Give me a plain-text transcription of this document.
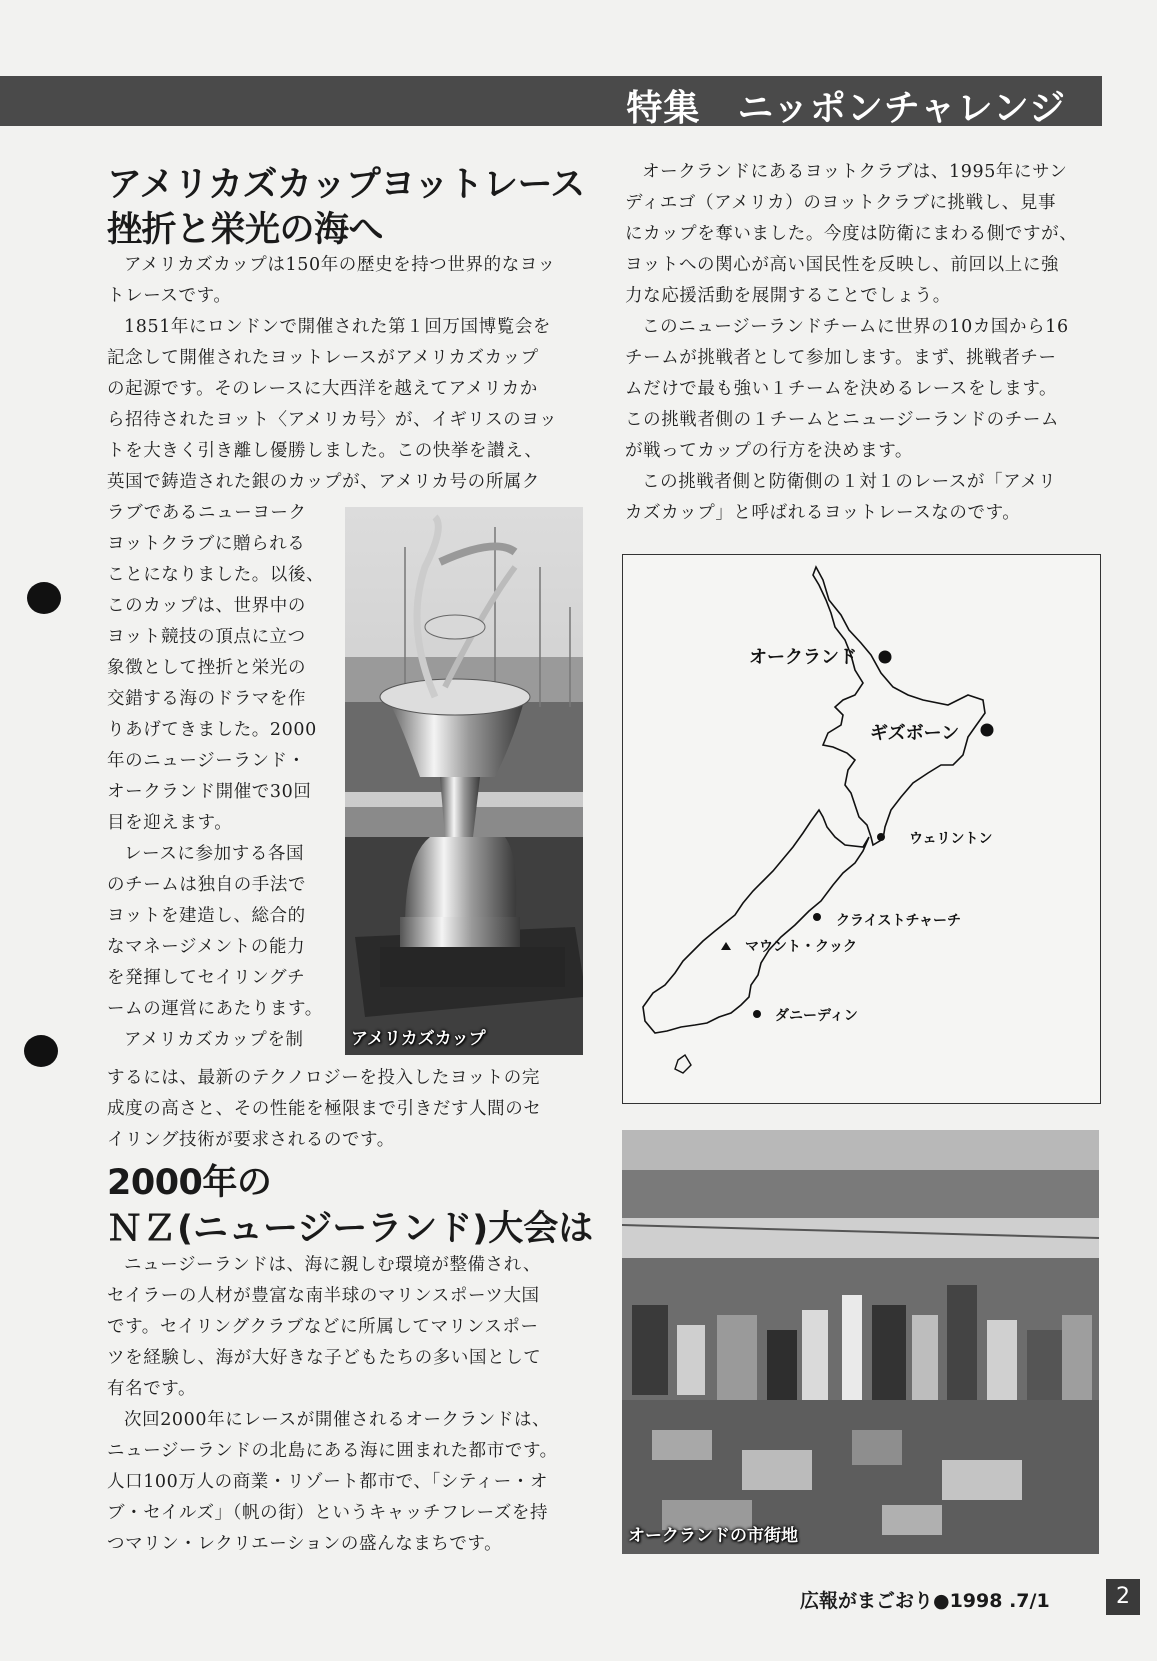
特集　ニッポンチャレンジ
アメリカズカップヨットレース
挫折と栄光の海へ
アメリカズカップは150年の歴史を持つ世界的なヨッ
トレースです。
1851年にロンドンで開催された第１回万国博覧会を
記念して開催されたヨットレースがアメリカズカップ
の起源です。そのレースに大西洋を越えてアメリカか
ら招待されたヨット〈アメリカ号〉が、イギリスのヨッ
トを大きく引き離し優勝しました。この快挙を讃え、
英国で鋳造された銀のカップが、アメリカ号の所属ク
ラブであるニューヨーク
ヨットクラブに贈られる
ことになりました。以後、
このカップは、世界中の
ヨット競技の頂点に立つ
象徴として挫折と栄光の
交錯する海のドラマを作
りあげてきました。2000
年のニュージーランド・
オークランド開催で30回
目を迎えます。
レースに参加する各国
のチームは独自の手法で
ヨットを建造し、総合的
なマネージメントの能力
を発揮してセイリングチ
ームの運営にあたります。
アメリカズカップを制
するには、最新のテクノロジーを投入したヨットの完
成度の高さと、その性能を極限まで引きだす人間のセ
イリング技術が要求されるのです。
アメリカズカップ
2000年の
ＮＺ(ニュージーランド)大会は
ニュージーランドは、海に親しむ環境が整備され、
セイラーの人材が豊富な南半球のマリンスポーツ大国
です。セイリングクラブなどに所属してマリンスポー
ツを経験し、海が大好きな子どもたちの多い国として
有名です。
次回2000年にレースが開催されるオークランドは、
ニュージーランドの北島にある海に囲まれた都市です。
人口100万人の商業・リゾート都市で、「シティー・オ
ブ・セイルズ」（帆の街）というキャッチフレーズを持
つマリン・レクリエーションの盛んなまちです。
オークランドにあるヨットクラブは、1995年にサン
ディエゴ（アメリカ）のヨットクラブに挑戦し、見事
にカップを奪いました。今度は防衛にまわる側ですが、
ヨットへの関心が高い国民性を反映し、前回以上に強
力な応援活動を展開することでしょう。
このニュージーランドチームに世界の10カ国から16
チームが挑戦者として参加します。まず、挑戦者チー
ムだけで最も強い１チームを決めるレースをします。
この挑戦者側の１チームとニュージーランドのチーム
が戦ってカップの行方を決めます。
この挑戦者側と防衛側の１対１のレースが「アメリ
カズカップ」と呼ばれるヨットレースなのです。
オークランド
ギズボーン
ウェリントン
クライストチャーチ
マウント・クック
ダニーディン
オークランドの市街地
広報がまごおり●1998 .7/1	2
